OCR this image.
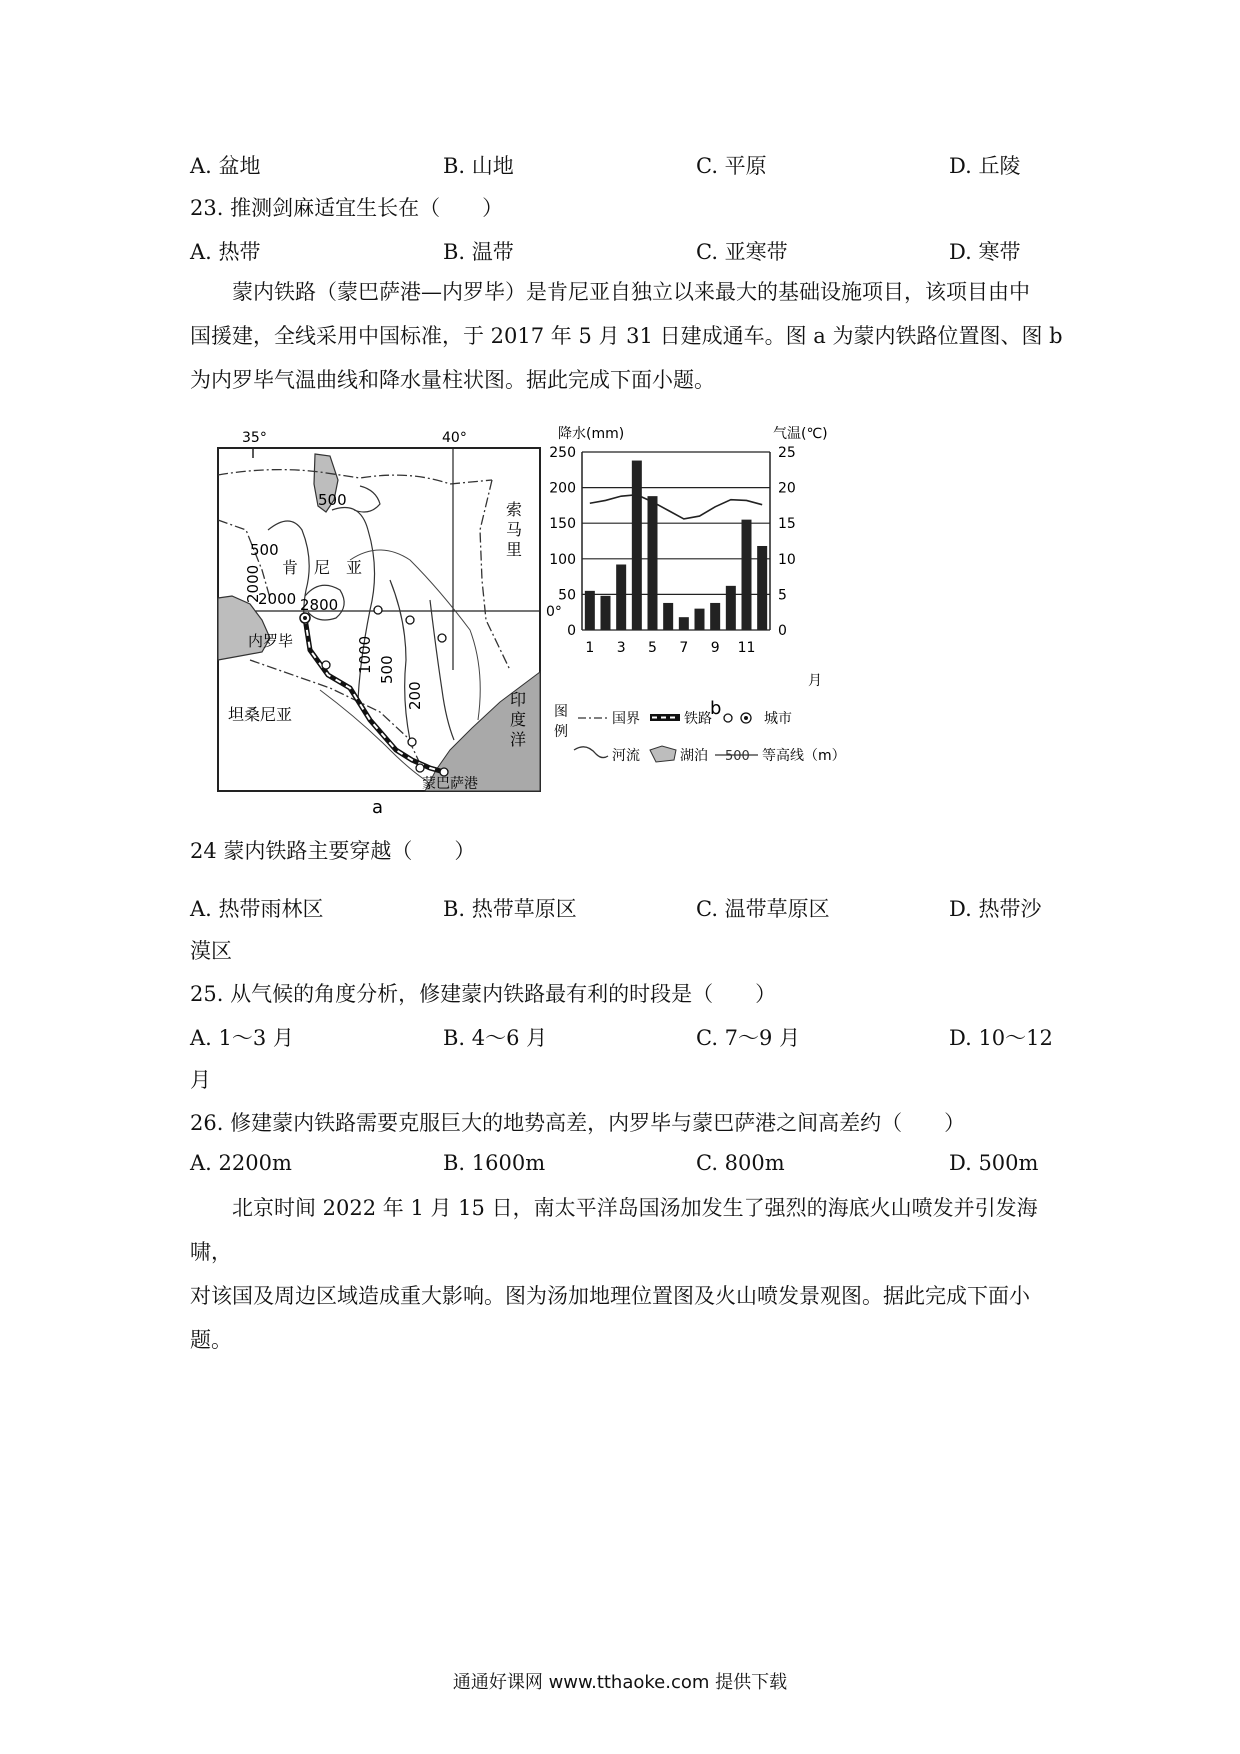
A. 盆地	B. 山地	C. 平原	D. 丘陵
23. 推测剑麻适宜生长在（　　）
A. 热带	B. 温带	C. 亚寒带	D. 寒带
蒙内铁路（蒙巴萨港—内罗毕）是肯尼亚自独立以来最大的基础设施项目，该项目由中
国援建，全线采用中国标准，于 2017 年 5 月 31 日建成通车。图 a 为蒙内铁路位置图、图 b
为内罗毕气温曲线和降水量柱状图。据此完成下面小题。
35°	40°
0°
500
500
2000
2000 2800
1000 500
200
肯 尼 亚
坦桑尼亚
索
马
里
印
度
洋
内罗毕
蒙巴萨港
a
降水(mm)	气温(℃)
b
月
0
50
100
150
200
250
0
5
10
15
20
25
1 3 5 7 9 11
图
例
国界	铁路	城市
河流	湖泊 500 等高线（m）
24 蒙内铁路主要穿越（　　）
A. 热带雨林区	B. 热带草原区	C. 温带草原区	D. 热带沙
漠区
25. 从气候的角度分析，修建蒙内铁路最有利的时段是（　　）
A. 1～3 月	B. 4～6 月	C. 7～9 月	D. 10～12
月
26. 修建蒙内铁路需要克服巨大的地势高差，内罗毕与蒙巴萨港之间高差约（　　）
A. 2200m	B. 1600m	C. 800m	D. 500m
北京时间 2022 年 1 月 15 日，南太平洋岛国汤加发生了强烈的海底火山喷发并引发海啸，
对该国及周边区域造成重大影响。图为汤加地理位置图及火山喷发景观图。据此完成下面小
题。
通通好课网 www.tthaoke.com 提供下载
